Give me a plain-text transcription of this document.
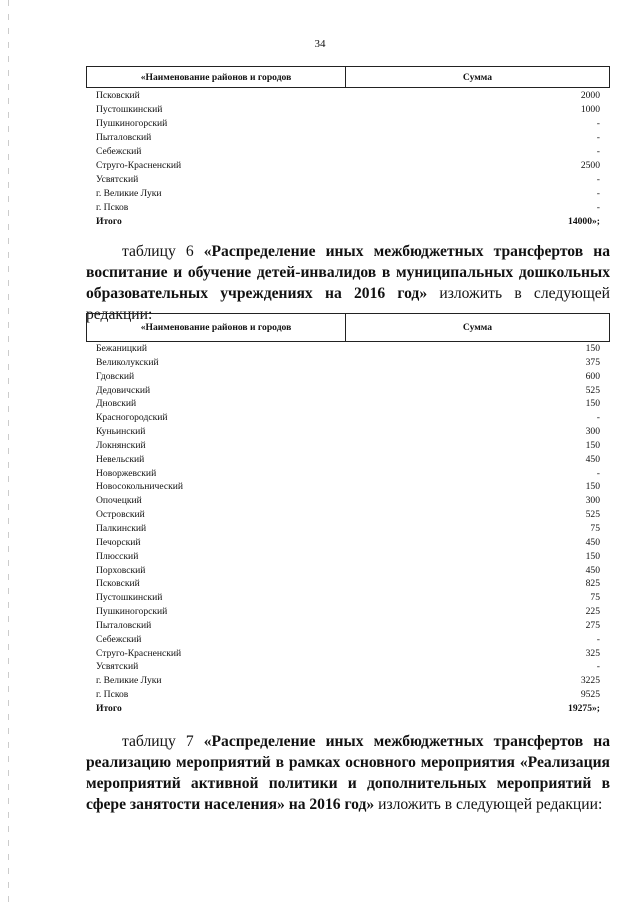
34
«Наименование районов и городов	Сумма
Псковский	2000
Пустошкинский	1000
Пушкиногорский	-
Пыталовский	-
Себежский	-
Струго-Красненский	2500
Усвятский	-
г. Великие Луки	-
г. Псков	-
Итого	14000»;
таблицу 6 «Распределение иных межбюджетных трансфертов на воспитание и обучение детей-инвалидов в муниципальных дошкольных образовательных учреждениях на 2016 год» изложить в следующей редакции:
«Наименование районов и городов	Сумма
Бежаницкий	150
Великолукский	375
Гдовский	600
Дедовичский	525
Дновский	150
Красногородский	-
Куньинский	300
Локнянский	150
Невельский	450
Новоржевский	-
Новосокольнический	150
Опочецкий	300
Островский	525
Палкинский	75
Печорский	450
Плюсский	150
Порховский	450
Псковский	825
Пустошкинский	75
Пушкиногорский	225
Пыталовский	275
Себежский	-
Струго-Красненский	325
Усвятский	-
г. Великие Луки	3225
г. Псков	9525
Итого	19275»;
таблицу 7 «Распределение иных межбюджетных трансфертов на реализацию мероприятий в рамках основного мероприятия «Реализация мероприятий активной политики и дополнительных мероприятий в сфере занятости населения» на 2016 год» изложить в следующей редакции:
